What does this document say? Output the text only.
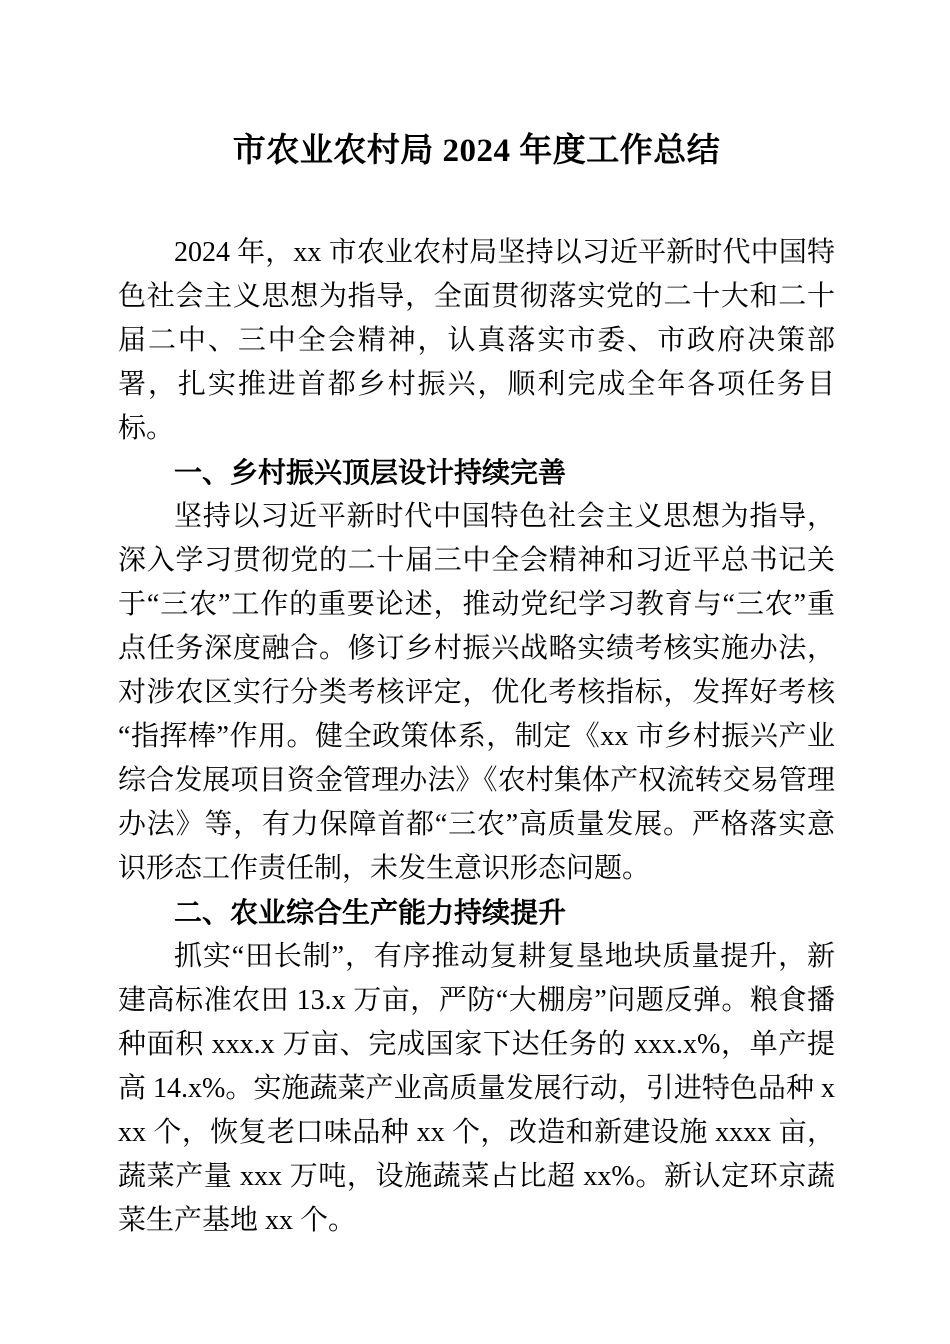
市农业农村局 2024 年度工作总结

2024 年，xx 市农业农村局坚持以习近平新时代中国特色社会主义思想为指导，全面贯彻落实党的二十大和二十届二中、三中全会精神，认真落实市委、市政府决策部署，扎实推进首都乡村振兴，顺利完成全年各项任务目标。

一、乡村振兴顶层设计持续完善

坚持以习近平新时代中国特色社会主义思想为指导，深入学习贯彻党的二十届三中全会精神和习近平总书记关于“三农”工作的重要论述，推动党纪学习教育与“三农”重点任务深度融合。修订乡村振兴战略实绩考核实施办法，对涉农区实行分类考核评定，优化考核指标，发挥好考核“指挥棒”作用。健全政策体系，制定《xx 市乡村振兴产业综合发展项目资金管理办法》《农村集体产权流转交易管理办法》等，有力保障首都“三农”高质量发展。严格落实意识形态工作责任制，未发生意识形态问题。

二、农业综合生产能力持续提升

抓实“田长制”，有序推动复耕复垦地块质量提升，新建高标准农田 13.x 万亩，严防“大棚房”问题反弹。粮食播种面积 xxx.x 万亩、完成国家下达任务的 xxx.x%，单产提高 14.x%。实施蔬菜产业高质量发展行动，引进特色品种 xxx 个，恢复老口味品种 xx 个，改造和新建设施 xxxx 亩，蔬菜产量 xxx 万吨，设施蔬菜占比超 xx%。新认定环京蔬菜生产基地 xx 个。
